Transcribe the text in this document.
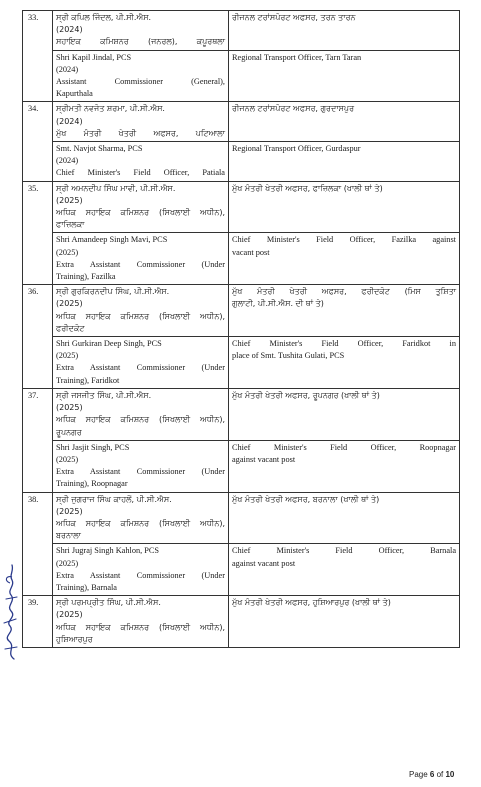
33.	ਸ੍ਰੀ ਕਪਿਲ ਜਿੰਦਲ, ਪੀ.ਸੀ.ਐਸ.
(2024)
ਸਹਾਇਕ ਕਮਿਸ਼ਨਰ (ਜਨਰਲ), ਕਪੂਰਥਲਾ	ਰੀਜਨਲ ਟਰਾਂਸਪੋਰਟ ਅਫਸਰ, ਤਰਨ ਤਾਰਨ

	Shri Kapil Jindal, PCS
(2024)
Assistant Commissioner (General),
Kapurthala	Regional Transport Officer, Tarn Taran

34.	ਸ੍ਰੀਮਤੀ ਨਵਜੋਤ ਸ਼ਰਮਾ, ਪੀ.ਸੀ.ਐਸ.
(2024)
ਮੁੱਖ ਮੰਤਰੀ ਖੇਤਰੀ ਅਫਸਰ, ਪਟਿਆਲਾ	ਰੀਜਨਲ ਟਰਾਂਸਪੋਰਟ ਅਫਸਰ, ਗੁਰਦਾਸਪੁਰ

	Smt. Navjot Sharma, PCS
(2024)
Chief Minister's Field Officer, Patiala	Regional Transport Officer, Gurdaspur

35.	ਸ੍ਰੀ ਅਮਨਦੀਪ ਸਿੰਘ ਮਾਵੀ, ਪੀ.ਸੀ.ਐਸ.
(2025)
ਅਧਿਕ ਸਹਾਇਕ ਕਮਿਸ਼ਨਰ (ਸਿਖਲਾਈ ਅਧੀਨ),
ਫਾਜ਼ਿਲਕਾ	ਮੁੱਖ ਮੰਤਰੀ ਖੇਤਰੀ ਅਫਸਰ, ਫਾਜ਼ਿਲਕਾ (ਖਾਲੀ ਥਾਂ ਤੇ)

	Shri Amandeep Singh Mavi, PCS
(2025)
Extra Assistant Commissioner (Under
Training), Fazilka	Chief Minister's Field Officer, Fazilka against
vacant post

36.	ਸ੍ਰੀ ਗੁਰਕਿਰਨਦੀਪ ਸਿੰਘ, ਪੀ.ਸੀ.ਐਸ.
(2025)
ਅਧਿਕ ਸਹਾਇਕ ਕਮਿਸ਼ਨਰ (ਸਿਖਲਾਈ ਅਧੀਨ),
ਫਰੀਦਕੋਟ	ਮੁੱਖ ਮੰਤਰੀ ਖੇਤਰੀ ਅਫਸਰ, ਫਰੀਦਕੋਟ (ਮਿਸ ਤੁਸ਼ਿਤਾ
ਗੁਲਾਟੀ, ਪੀ.ਸੀ.ਐਸ. ਦੀ ਥਾਂ ਤੇ)

	Shri Gurkiran Deep Singh, PCS
(2025)
Extra Assistant Commissioner (Under
Training), Faridkot	Chief Minister's Field Officer, Faridkot in
place of Smt. Tushita Gulati, PCS

37.	ਸ੍ਰੀ ਜਸਜੀਤ ਸਿੰਘ, ਪੀ.ਸੀ.ਐਸ.
(2025)
ਅਧਿਕ ਸਹਾਇਕ ਕਮਿਸ਼ਨਰ (ਸਿਖਲਾਈ ਅਧੀਨ),
ਰੂਪਨਗਰ	ਮੁੱਖ ਮੰਤਰੀ ਖੇਤਰੀ ਅਫਸਰ, ਰੂਪਨਗਰ (ਖਾਲੀ ਥਾਂ ਤੇ)

	Shri Jasjit Singh, PCS
(2025)
Extra Assistant Commissioner (Under
Training), Roopnagar	Chief Minister's Field Officer, Roopnagar
against vacant post

38.	ਸ੍ਰੀ ਜੁਗਰਾਜ ਸਿੰਘ ਕਾਹਲੋਂ, ਪੀ.ਸੀ.ਐਸ.
(2025)
ਅਧਿਕ ਸਹਾਇਕ ਕਮਿਸ਼ਨਰ (ਸਿਖਲਾਈ ਅਧੀਨ),
ਬਰਨਾਲਾ	ਮੁੱਖ ਮੰਤਰੀ ਖੇਤਰੀ ਅਫਸਰ, ਬਰਨਾਲਾ (ਖਾਲੀ ਥਾਂ ਤੇ)

	Shri Jugraj Singh Kahlon, PCS
(2025)
Extra Assistant Commissioner (Under
Training), Barnala	Chief Minister's Field Officer, Barnala
against vacant post

39.	ਸ੍ਰੀ ਪਰਮਪ੍ਰੀਤ ਸਿੰਘ, ਪੀ.ਸੀ.ਐਸ.
(2025)
ਅਧਿਕ ਸਹਾਇਕ ਕਮਿਸ਼ਨਰ (ਸਿਖਲਾਈ ਅਧੀਨ),
ਹੁਸ਼ਿਆਰਪੁਰ	ਮੁੱਖ ਮੰਤਰੀ ਖੇਤਰੀ ਅਫਸਰ, ਹੁਸ਼ਿਆਰਪੁਰ (ਖਾਲੀ ਥਾਂ ਤੇ)
Page 6 of 10
